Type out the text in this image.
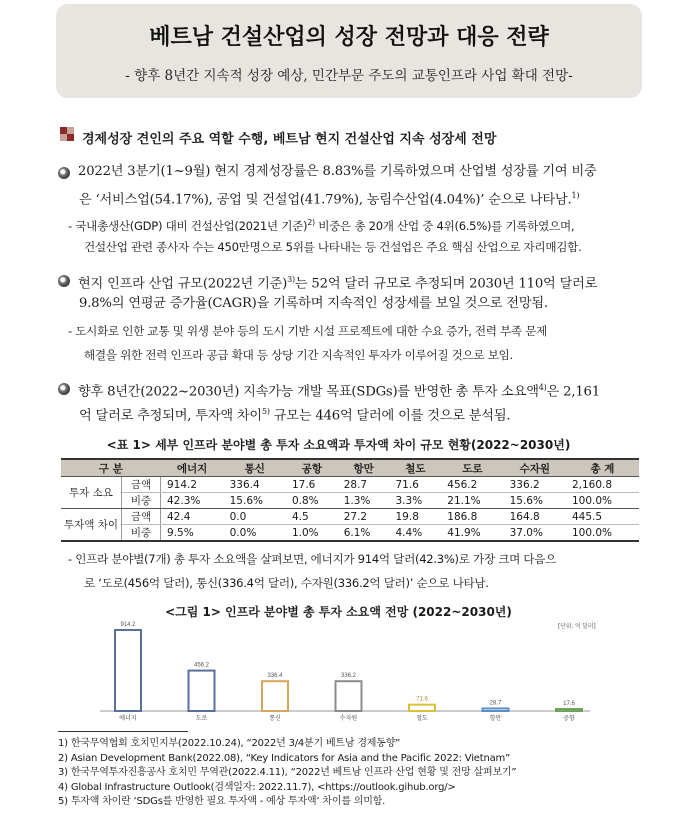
베트남 건설산업의 성장 전망과 대응 전략
- 향후 8년간 지속적 성장 예상, 민간부문 주도의 교통인프라 사업 확대 전망-
경제성장 견인의 주요 역할 수행, 베트남 현지 건설산업 지속 성장세 전망
2022년 3분기(1~9월) 현지 경제성장률은 8.83%를 기록하였으며 산업별 성장률 기여 비중
은 ‘서비스업(54.17%), 공업 및 건설업(41.79%), 농림수산업(4.04%)’ 순으로 나타남.$^{1)}$
- 국내총생산(GDP) 대비 건설산업(2021년 기준)$^{2)}$ 비중은 총 20개 산업 중 4위(6.5%)를 기록하였으며,
건설산업 관련 종사자 수는 450만명으로 5위를 나타내는 등 건설업은 주요 핵심 산업으로 자리매김함.
현지 인프라 산업 규모(2022년 기준)$^{3)}$는 52억 달러 규모로 추정되며 2030년 110억 달러로
9.8%의 연평균 증가율(CAGR)을 기록하며 지속적인 성장세를 보일 것으로 전망됨.
- 도시화로 인한 교통 및 위생 분야 등의 도시 기반 시설 프로젝트에 대한 수요 증가, 전력 부족 문제
해결을 위한 전력 인프라 공급 확대 등 상당 기간 지속적인 투자가 이루어질 것으로 보임.
향후 8년간(2022~2030년) 지속가능 개발 목표(SDGs)를 반영한 총 투자 소요액$^{4)}$은 2,161
억 달러로 추정되며, 투자액 차이$^{5)}$ 규모는 446억 달러에 이를 것으로 분석됨.
<표 1> 세부 인프라 분야별 총 투자 소요액과 투자액 차이 규모 현황(2022~2030년)
구 분		에너지	통신	공항	항만	철도	도로	수자원	총 계
투자 소요	금액	914.2	336.4	17.6	28.7	71.6	456.2	336.2	2,160.8
	비중	42.3%	15.6%	0.8%	1.3%	3.3%	21.1%	15.6%	100.0%
투자액 차이	금액	42.4	0.0	4.5	27.2	19.8	186.8	164.8	445.5
	비중	9.5%	0.0%	1.0%	6.1%	4.4%	41.9%	37.0%	100.0%
- 인프라 분야별(7개) 총 투자 소요액을 살펴보면, 에너지가 914억 달러(42.3%)로 가장 크며 다음으
로 ‘도로(456억 달러), 통신(336.4억 달러), 수자원(336.2억 달러)’ 순으로 나타남.
<그림 1> 인프라 분야별 총 투자 소요액 전망 (2022~2030년)
[단위: 억 달러]
914.2
에너지
456.2
도로
336.4
통신
336.2
수자원
71.6
철도
28.7
항만
17.6
공항
1) 한국무역협회 호치민지부(2022.10.24), “2022년 3/4분기 베트남 경제동향”
2) Asian Development Bank(2022.08), “Key Indicators for Asia and the Pacific 2022: Vietnam”
3) 한국무역투자진흥공사 호치민 무역관(2022.4.11), “2022년 베트남 인프라 산업 현황 및 전망 살펴보기”
4) Global Infrastructure Outlook(검색일자: 2022.11.7), <https://outlook.gihub.org/>
5) 투자액 차이란 ‘SDGs를 반영한 필요 투자액 - 예상 투자액’ 차이를 의미함.
